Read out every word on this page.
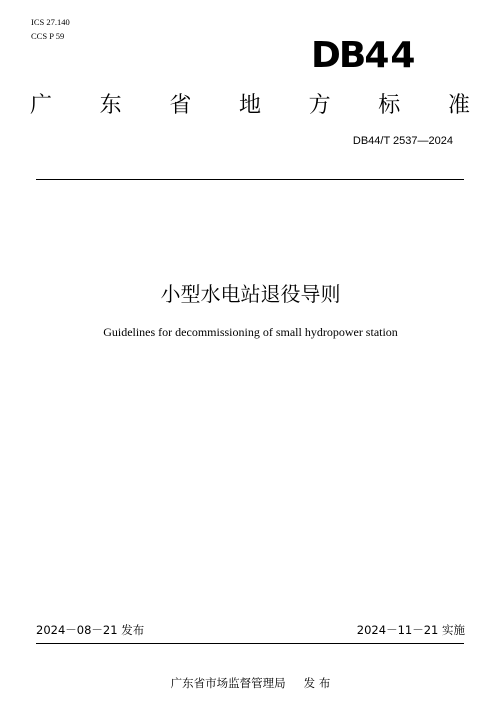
ICS 27.140
CCS P 59	DB44
广 东 省 地 方 标 准
DB44/T 2537—2024
小型水电站退役导则
Guidelines for decommissioning of small hydropower station
2024－08－21 发布	2024－11－21 实施
广东省市场监督管理局 发 布
